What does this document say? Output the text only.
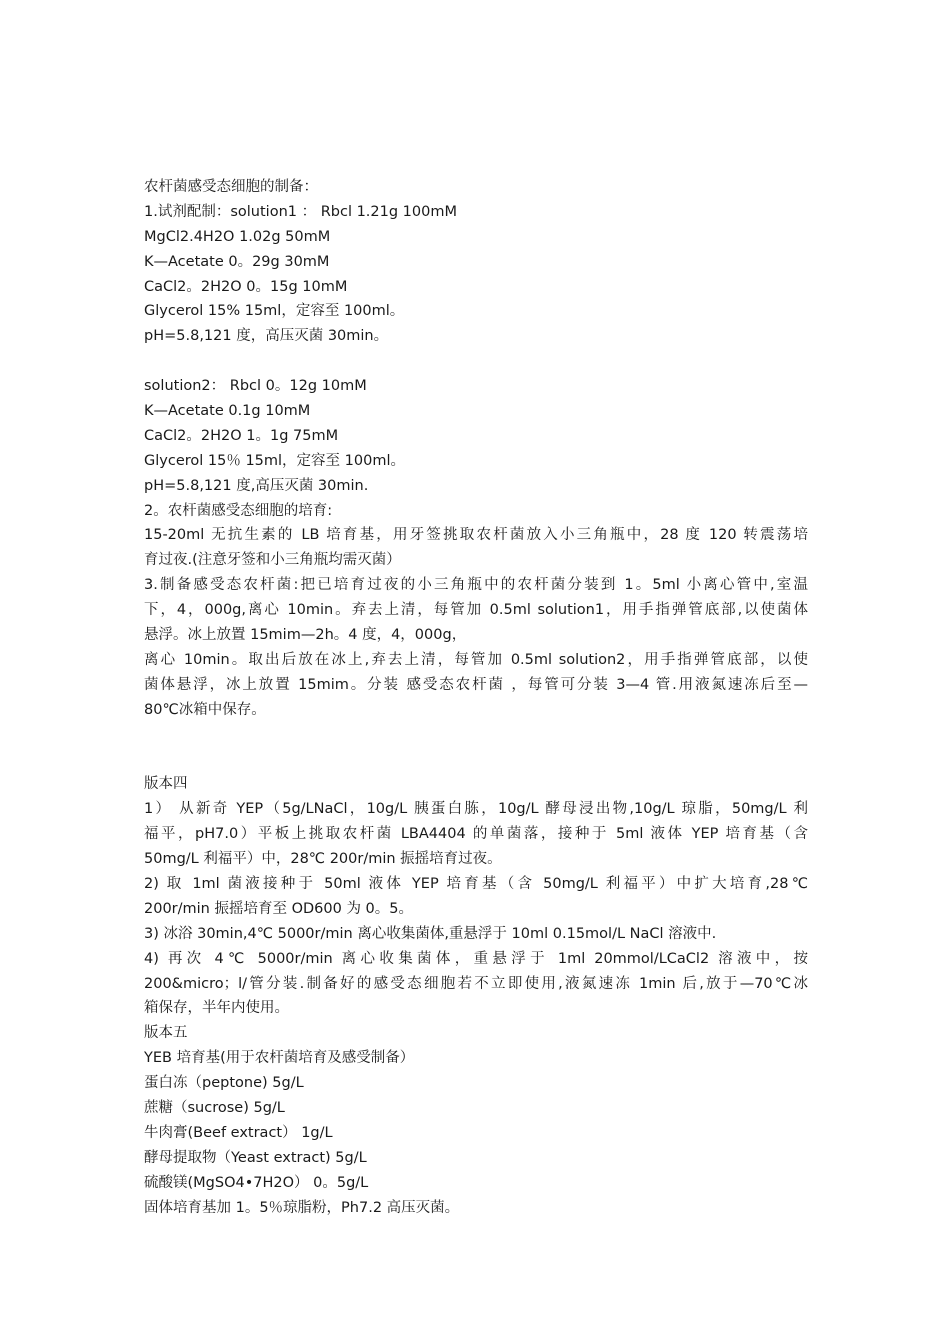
农杆菌感受态细胞的制备：
1.试剂配制：solution1 ： Rbcl 1.21g 100mM
MgCl2.4H2O 1.02g 50mM
K—Acetate 0。29g 30mM
CaCl2。2H2O 0。15g 10mM
Glycerol 15% 15ml，定容至 100ml。
pH=5.8,121 度，高压灭菌 30min。
solution2： Rbcl 0。12g 10mM
K—Acetate 0.1g 10mM
CaCl2。2H2O 1。1g 75mM
Glycerol 15％ 15ml，定容至 100ml。
pH=5.8,121 度,高压灭菌 30min.
2。农杆菌感受态细胞的培育:
15-20ml 无抗生素的 LB 培育基，用牙签挑取农杆菌放入小三角瓶中，28 度 120 转震荡培
育过夜.(注意牙签和小三角瓶均需灭菌）
3.制备感受态农杆菌:把已培育过夜的小三角瓶中的农杆菌分装到 1。5ml 小离心管中,室温
下，4，000g,离心 10min。弃去上清，每管加 0.5ml solution1，用手指弹管底部,以使菌体
悬浮。冰上放置 15mim—2h。4 度，4，000g，
离心 10min。取出后放在冰上,弃去上清，每管加 0.5ml solution2，用手指弹管底部，以使
菌体悬浮，冰上放置 15mim。分装 感受态农杆菌 ，每管可分装 3—4 管.用液氮速冻后至—
80℃冰箱中保存。
版本四
1） 从新奇 YEP（5g/LNaCl，10g/L 胰蛋白胨，10g/L 酵母浸出物,10g/L 琼脂，50mg/L 利
福平，pH7.0）平板上挑取农杆菌 LBA4404 的单菌落，接种于 5ml 液体 YEP 培育基（含
50mg/L 利福平）中，28℃ 200r/min 振摇培育过夜。
2) 取 1ml 菌液接种于 50ml 液体 YEP 培育基（含 50mg/L 利福平）中扩大培育,28℃
200r/min 振摇培育至 OD600 为 0。5。
3) 冰浴 30min,4℃ 5000r/min 离心收集菌体,重悬浮于 10ml 0.15mol/L NaCl 溶液中.
4) 再次 4℃ 5000r/min 离心收集菌体，重悬浮于 1ml 20mmol/LCaCl2 溶液中，按
200&micro；l/管分装.制备好的感受态细胞若不立即使用,液氮速冻 1min 后,放于—70℃冰
箱保存，半年内使用。
版本五
YEB 培育基(用于农杆菌培育及感受制备）
蛋白冻（peptone) 5g/L
蔗糖（sucrose) 5g/L
牛肉膏(Beef extract） 1g/L
酵母提取物（Yeast extract) 5g/L
硫酸镁(MgSO4•7H2O） 0。5g/L
固体培育基加 1。5％琼脂粉，Ph7.2 高压灭菌。
